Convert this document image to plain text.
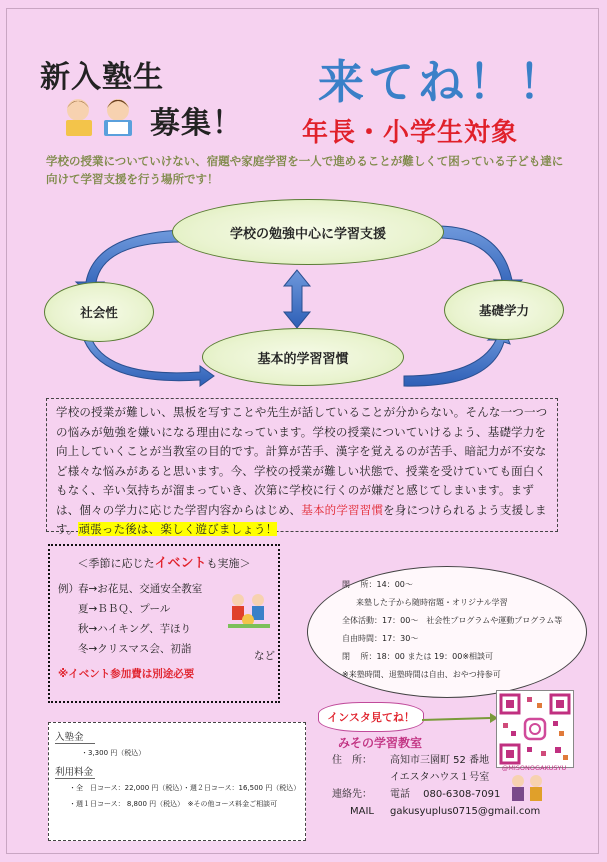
新入塾生
募集！
来てね！！
年長・小学生対象
学校の授業についていけない、宿題や家庭学習を一人で進めることが難しくて困っている子ども達に向けて学習支援を行う場所です！
学校の勉強中心に学習支援
社会性	基礎学力
基本的学習習慣
学校の授業が難しい、黒板を写すことや先生が話していることが分からない。そんな一つ一つの悩みが勉強を嫌いになる理由になっています。学校の授業についていけるよう、基礎学力を向上していくことが当教室の目的です。計算が苦手、漢字を覚えるのが苦手、暗記力が不安など様々な悩みがあると思います。今、学校の授業が難しい状態で、授業を受けていても面白くもなく、辛い気持ちが溜まっていき、次第に学校に行くのが嫌だと感じてしまいます。まずは、個々の学力に応じた学習内容からはじめ、基本的学習習慣を身につけられるよう支援します。頑張った後は、楽しく遊びましょう！
＜季節に応じたイベントも実施＞
例） 春→お花見、交通安全教室
夏→ＢＢＱ、プール
秋→ハイキング、芋ほり
冬→クリスマス会、初詣
など
※イベント参加費は別途必要
開　 所：14：00～
来塾した子から随時宿題・オリジナル学習
全体活動：17：00～　社会性プログラムや運動プログラム等
自由時間：17：30～
閉　 所：18：00 または 19：00※相談可
※来塾時間、退塾時間は自由、おやつ持参可
インスタ見てね！
@MISONOGAKUSYU
入塾金
・3,300 円（税込）
利用料金
・全　日コース：22,000 円（税込）・週２日コース：16,500 円（税込）
・週１日コース： 8,800 円（税込）　※その他コース料金ご相談可
みその学習教室
住　所：	高知市三園町 52 番地
イエスタハウス１号室
連絡先：	電話　 080-6308-7091
MAIL	gakusyuplus0715@gmail.com
